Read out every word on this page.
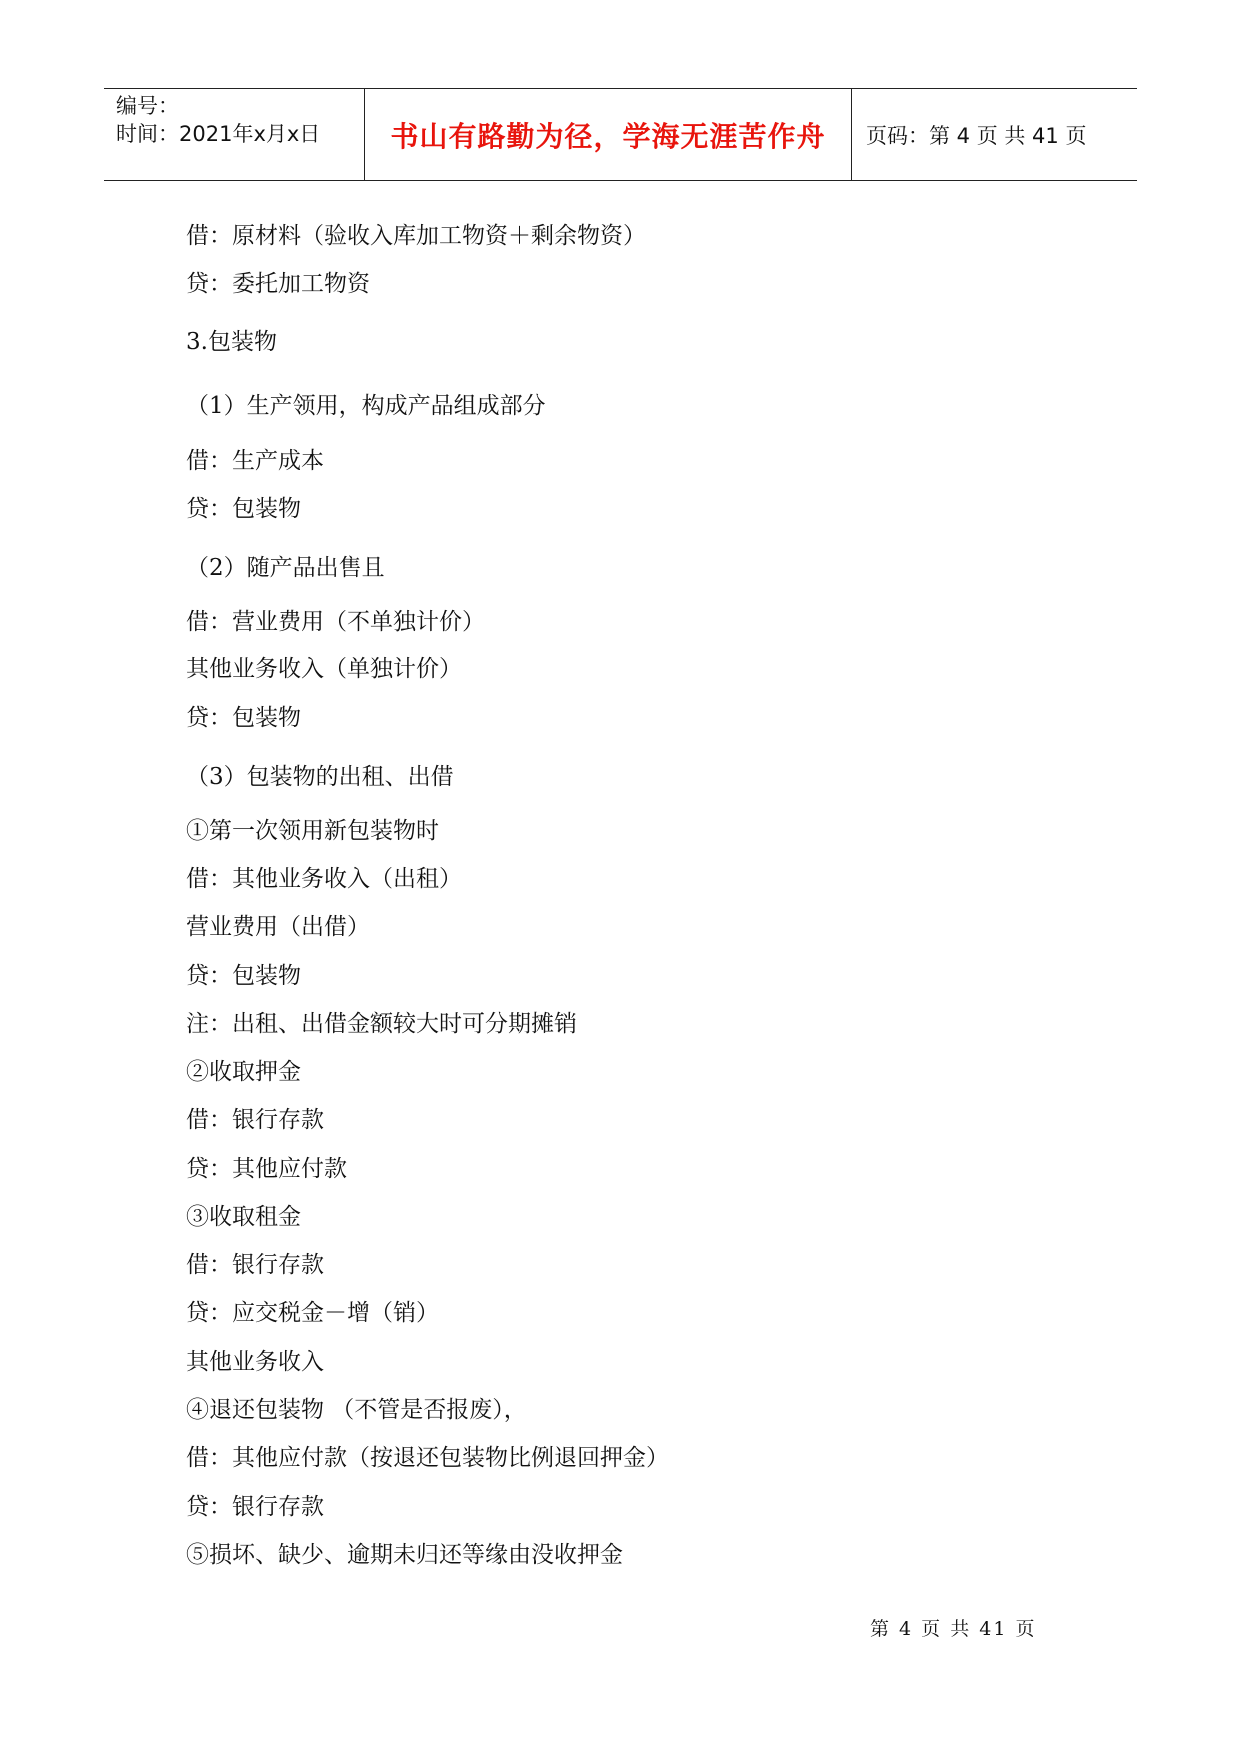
编号：
时间：2021年x月x日	书山有路勤为径，学海无涯苦作舟	页码：第 4 页 共 41 页
借：原材料（验收入库加工物资＋剩余物资）
贷：委托加工物资
3.包装物
（1）生产领用，构成产品组成部分
借：生产成本
贷：包装物
（2）随产品出售且
借：营业费用（不单独计价）
其他业务收入（单独计价）
贷：包装物
（3）包装物的出租、出借
①第一次领用新包装物时
借：其他业务收入（出租）
营业费用（出借）
贷：包装物
注：出租、出借金额较大时可分期摊销
②收取押金
借：银行存款
贷：其他应付款
③收取租金
借：银行存款
贷：应交税金－增（销）
其他业务收入
④退还包装物 （不管是否报废），
借：其他应付款（按退还包装物比例退回押金）
贷：银行存款
⑤损坏、缺少、逾期未归还等缘由没收押金
第 4 页 共 41 页
